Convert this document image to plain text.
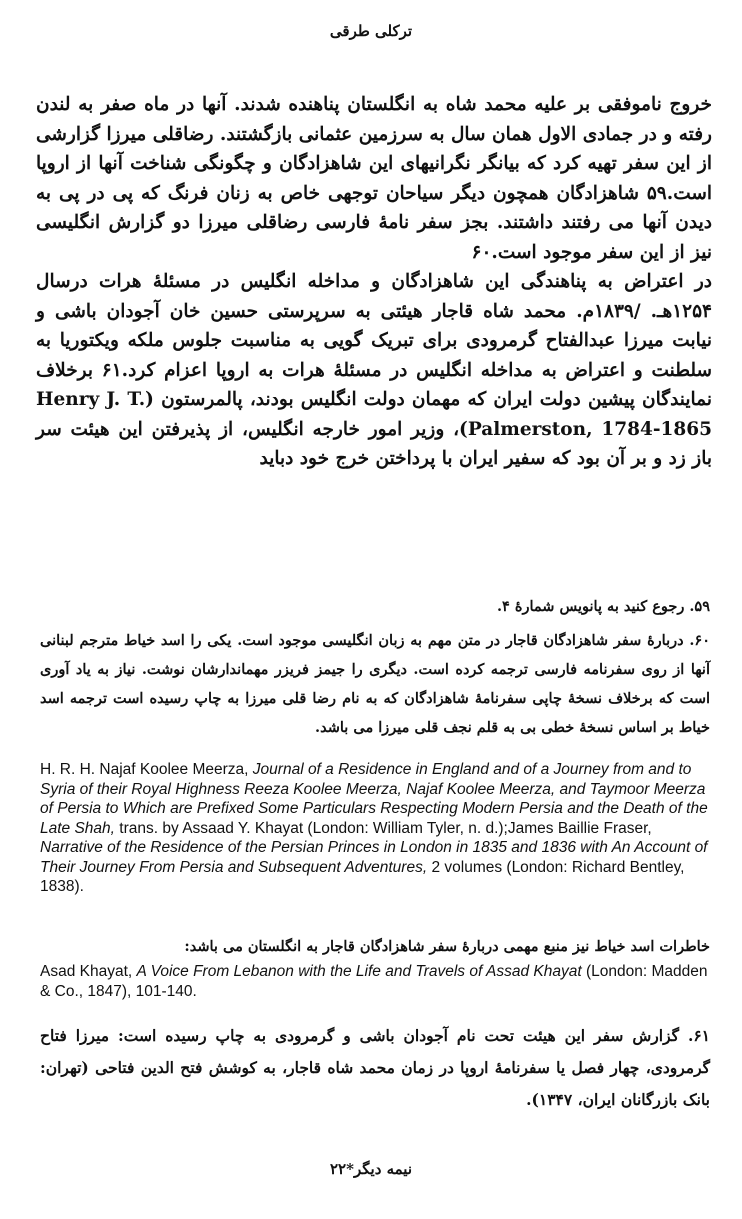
ترکلی طرقی

خروج ناموفقی بر علیه محمد شاه به انگلستان پناهنده شدند. آنها در ماه صفر به لندن رفته و در جمادی الاول همان سال به سرزمین عثمانی بازگشتند. رضاقلی میرزا گزارشی از این سفر تهیه کرد که بیانگر نگرانیهای این شاهزادگان و چگونگی شناخت آنها از اروپا است.۵۹ شاهزادگان همچون دیگر سیاحان توجهی خاص به زنان فرنگ که پی در پی به دیدن آنها می رفتند داشتند. بجز سفر نامهٔ فارسی رضاقلی میرزا دو گزارش انگلیسی نیز از این سفر موجود است.۶۰

در اعتراض به پناهندگی این شاهزادگان و مداخله انگلیس در مسئلهٔ هرات درسال ۱۲۵۴هـ. /۱۸۳۹م. محمد شاه قاجار هیئتی به سرپرستی حسین خان آجودان باشی و نیابت میرزا عبدالفتاح گرمرودی برای تبریک گویی به مناسبت جلوس ملکه ویکتوریا به سلطنت و اعتراض به مداخله انگلیس در مسئلهٔ هرات به اروپا اعزام کرد.۶۱ برخلاف نمایندگان پیشین دولت ایران که مهمان دولت انگلیس بودند، پالمرستون (Henry J. T. Palmerston, 1784-1865)، وزیر امور خارجه انگلیس، از پذیرفتن این هیئت سر باز زد و بر آن بود که سفیر ایران با پرداختن خرج خود دباید

۵۹. رجوع کنید به پانویس شمارهٔ ۴.
۶۰. دربارهٔ سفر شاهزادگان قاجار در متن مهم به زبان انگلیسی موجود است. یکی را اسد خیاط مترجم لبنانی آنها از روی سفرنامه فارسی ترجمه کرده است. دیگری را جیمز فریزر مهماندارشان نوشت. نیاز به یاد آوری است که برخلاف نسخهٔ چاپی سفرنامهٔ شاهزادگان که به نام رضا قلی میرزا به چاپ رسیده است ترجمه اسد خیاط بر اساس نسخهٔ خطی بی به قلم نجف قلی میرزا می باشد.
H. R. H. Najaf Koolee Meerza, Journal of a Residence in England and of a Journey from and to Syria of their Royal Highness Reeza Koolee Meerza, Najaf Koolee Meerza, and Taymoor Meerza of Persia to Which are Prefixed Some Particulars Respecting Modern Persia and the Death of the Late Shah, trans. by Assaad Y. Khayat (London: William Tyler, n. d.);James Baillie Fraser, Narrative of the Residence of the Persian Princes in London in 1835 and 1836 with An Account of Their Journey From Persia and Subsequent Adventures, 2 volumes (London: Richard Bentley, 1838).
خاطرات اسد خیاط نیز منبع مهمی دربارهٔ سفر شاهزادگان قاجار به انگلستان می باشد:
Asad Khayat, A Voice From Lebanon with the Life and Travels of Assad Khayat (London: Madden & Co., 1847), 101-140.
۶۱. گزارش سفر این هیئت تحت نام آجودان باشی و گرمرودی به چاپ رسیده است: میرزا فتاح گرمرودی، چهار فصل یا سفرنامهٔ اروپا در زمان محمد شاه قاجار، به کوشش فتح الدین فتاحی (تهران: بانک بازرگانان ایران، ۱۳۴۷).
نیمه دیگر*۲۲
